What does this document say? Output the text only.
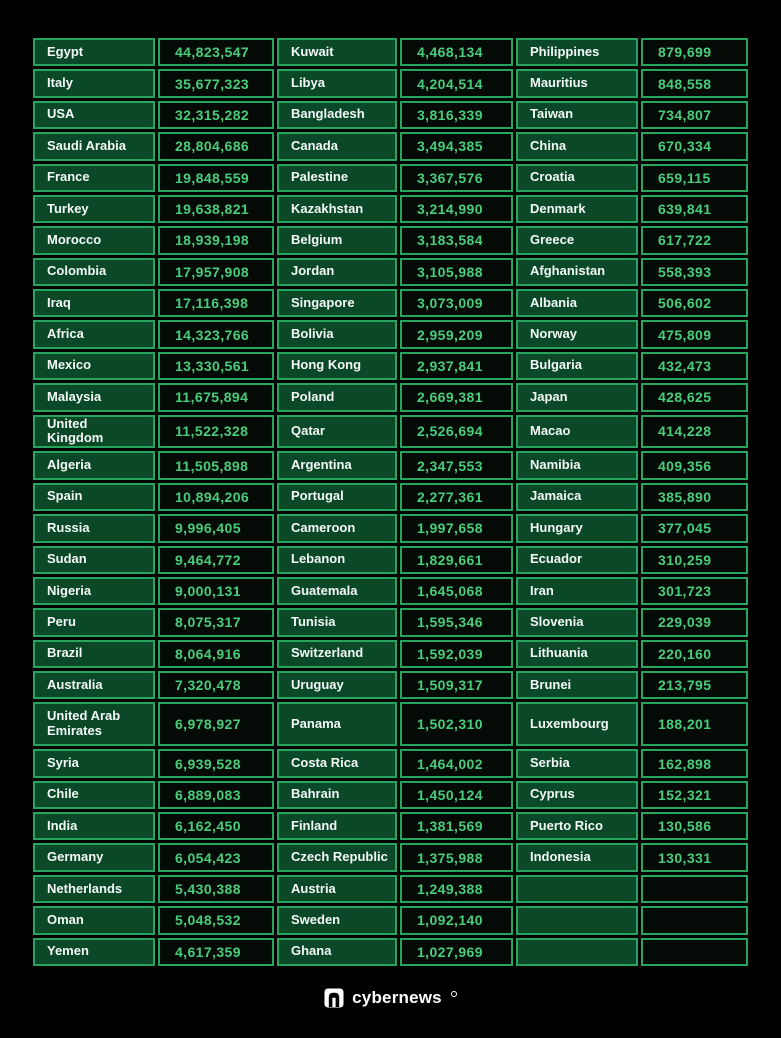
Egypt	44,823,547	Kuwait	4,468,134	Philippines	879,699
Italy	35,677,323	Libya	4,204,514	Mauritius	848,558
USA	32,315,282	Bangladesh	3,816,339	Taiwan	734,807
Saudi Arabia	28,804,686	Canada	3,494,385	China	670,334
France	19,848,559	Palestine	3,367,576	Croatia	659,115
Turkey	19,638,821	Kazakhstan	3,214,990	Denmark	639,841
Morocco	18,939,198	Belgium	3,183,584	Greece	617,722
Colombia	17,957,908	Jordan	3,105,988	Afghanistan	558,393
Iraq	17,116,398	Singapore	3,073,009	Albania	506,602
Africa	14,323,766	Bolivia	2,959,209	Norway	475,809
Mexico	13,330,561	Hong Kong	2,937,841	Bulgaria	432,473
Malaysia	11,675,894	Poland	2,669,381	Japan	428,625
United Kingdom	11,522,328	Qatar	2,526,694	Macao	414,228
Algeria	11,505,898	Argentina	2,347,553	Namibia	409,356
Spain	10,894,206	Portugal	2,277,361	Jamaica	385,890
Russia	9,996,405	Cameroon	1,997,658	Hungary	377,045
Sudan	9,464,772	Lebanon	1,829,661	Ecuador	310,259
Nigeria	9,000,131	Guatemala	1,645,068	Iran	301,723
Peru	8,075,317	Tunisia	1,595,346	Slovenia	229,039
Brazil	8,064,916	Switzerland	1,592,039	Lithuania	220,160
Australia	7,320,478	Uruguay	1,509,317	Brunei	213,795
United Arab Emirates	6,978,927	Panama	1,502,310	Luxembourg	188,201
Syria	6,939,528	Costa Rica	1,464,002	Serbia	162,898
Chile	6,889,083	Bahrain	1,450,124	Cyprus	152,321
India	6,162,450	Finland	1,381,569	Puerto Rico	130,586
Germany	6,054,423	Czech Republic	1,375,988	Indonesia	130,331
Netherlands	5,430,388	Austria	1,249,388
Oman	5,048,532	Sweden	1,092,140
Yemen	4,617,359	Ghana	1,027,969
cybernews
